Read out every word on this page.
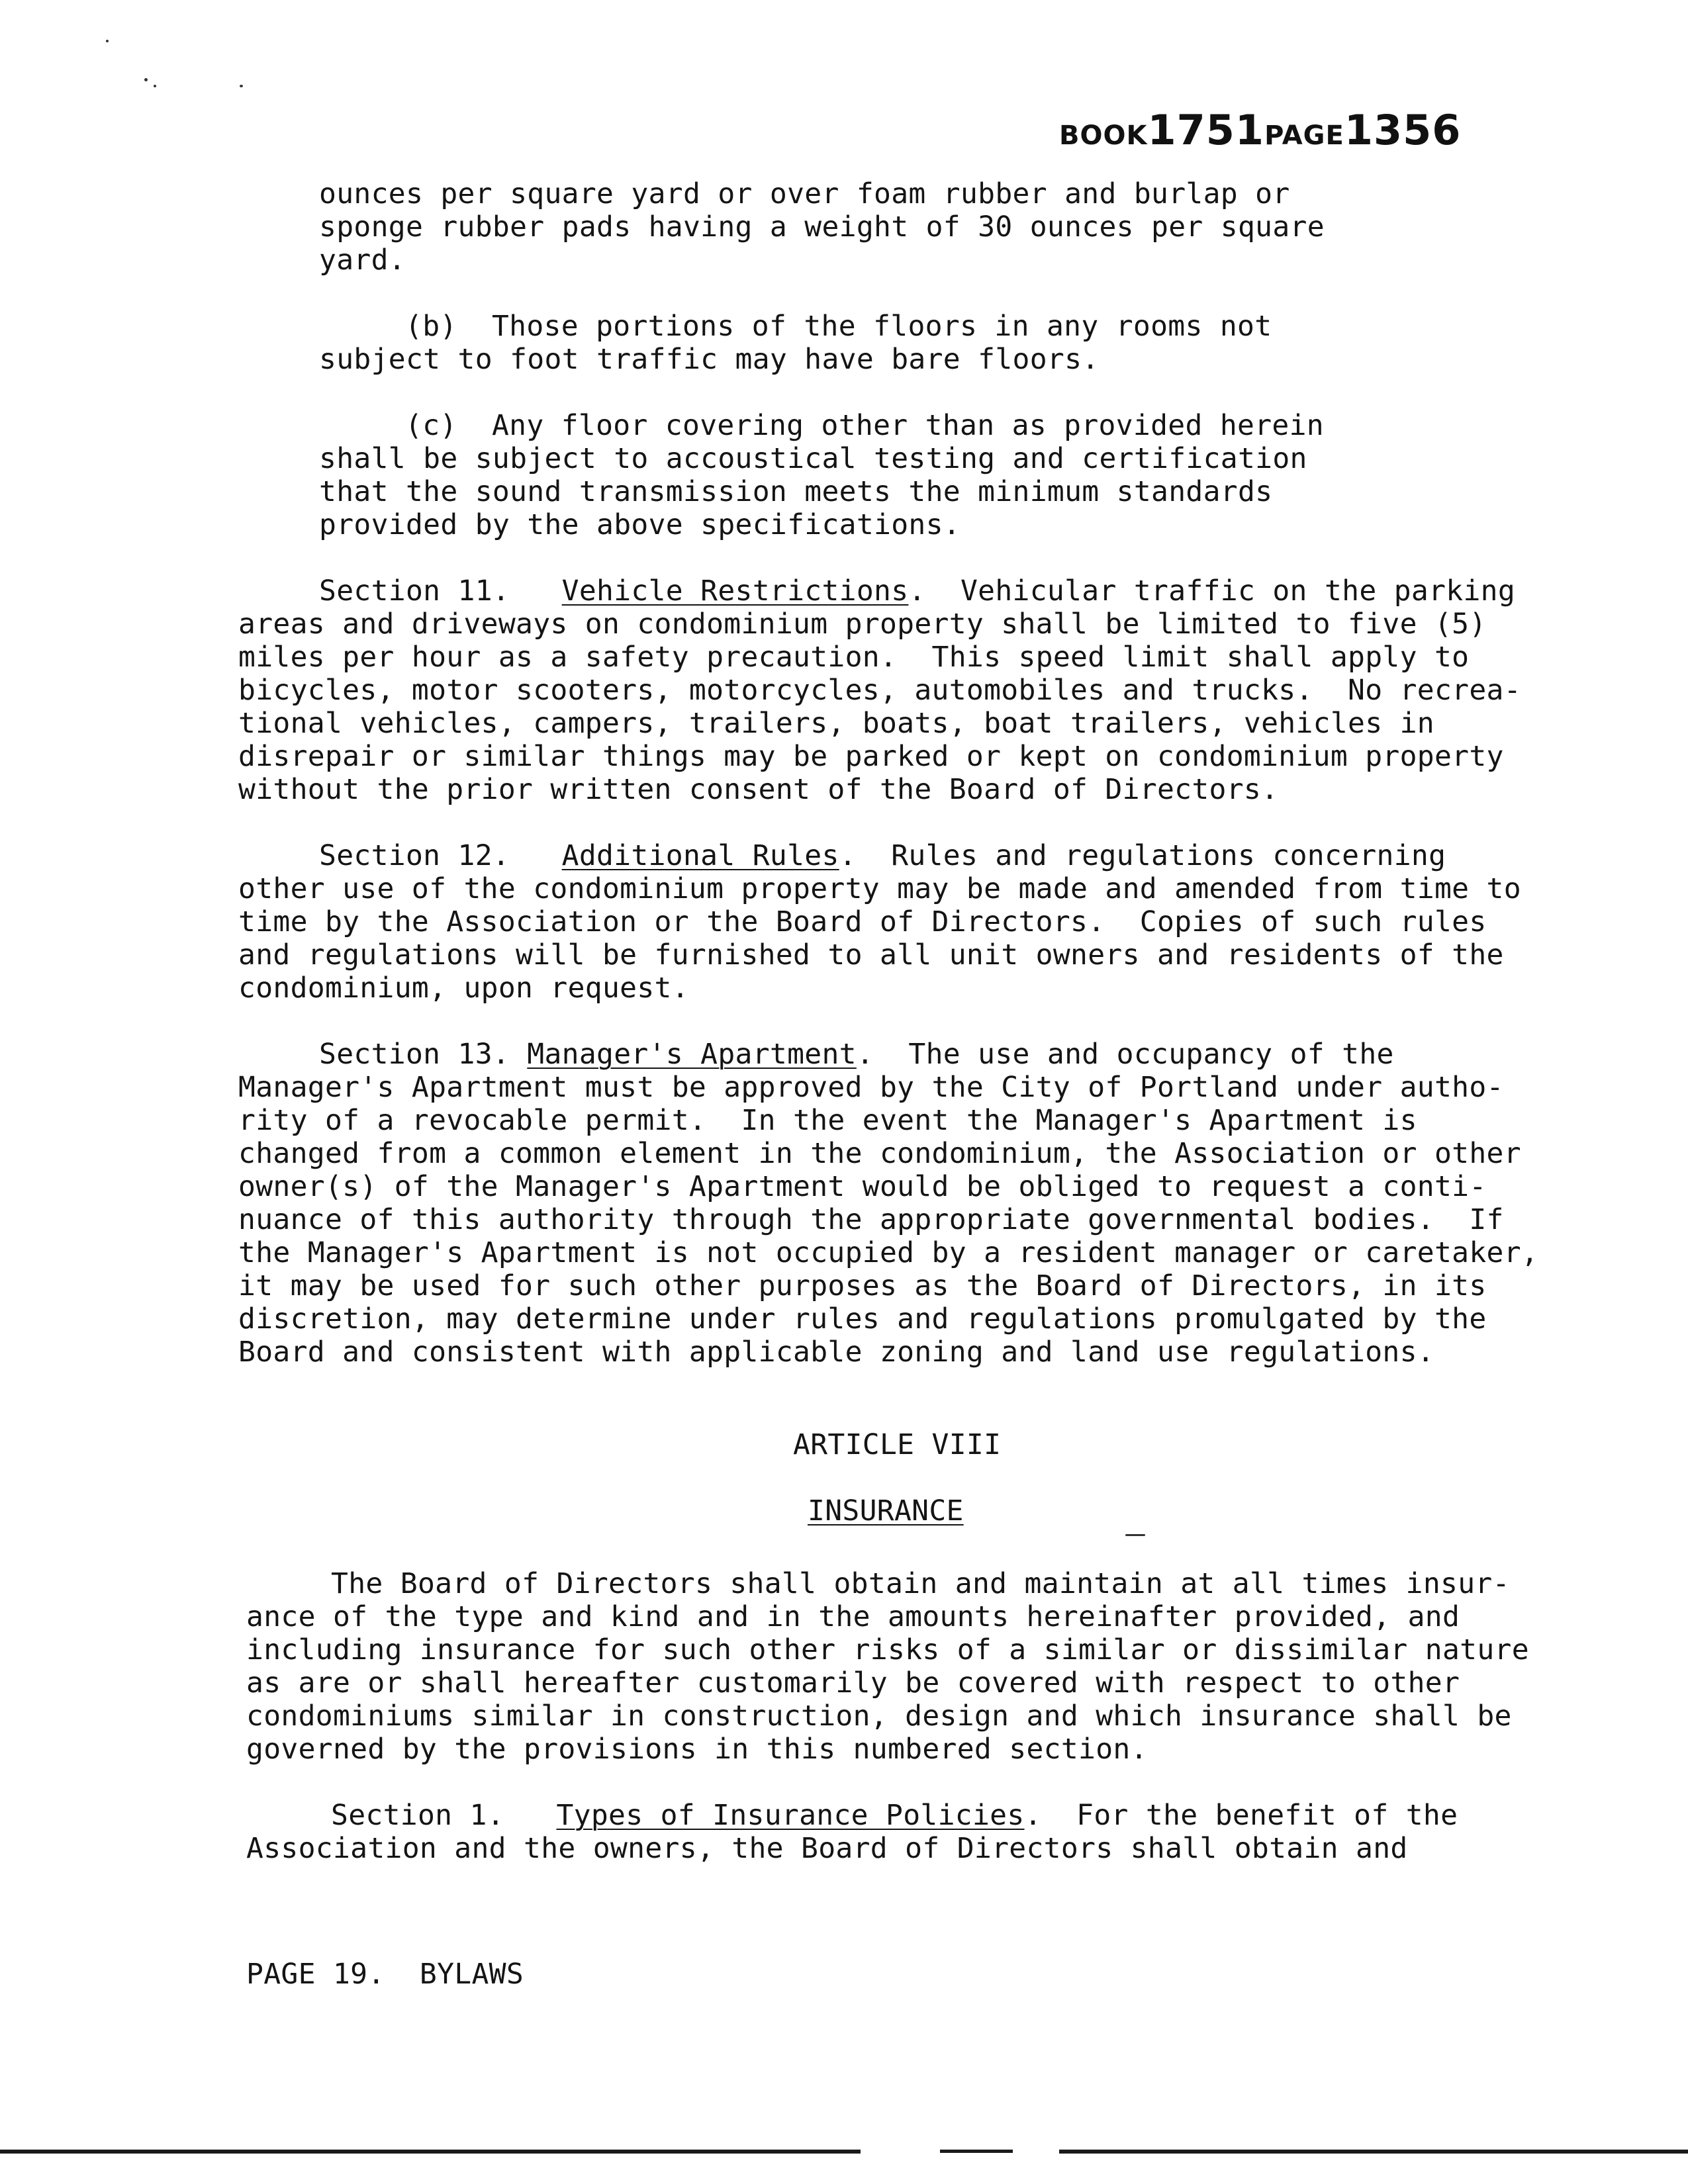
BOOK1751PAGE1356
ounces per square yard or over foam rubber and burlap or
sponge rubber pads having a weight of 30 ounces per square
yard.
(b)  Those portions of the floors in any rooms not
subject to foot traffic may have bare floors.
(c)  Any floor covering other than as provided herein
shall be subject to accoustical testing and certification
that the sound transmission meets the minimum standards
provided by the above specifications.
Section 11. Vehicle Restrictions.  Vehicular traffic on the parking
areas and driveways on condominium property shall be limited to five (5)
miles per hour as a safety precaution.  This speed limit shall apply to
bicycles, motor scooters, motorcycles, automobiles and trucks.  No recrea-
tional vehicles, campers, trailers, boats, boat trailers, vehicles in
disrepair or similar things may be parked or kept on condominium property
without the prior written consent of the Board of Directors.
Section 12. Additional Rules.  Rules and regulations concerning
other use of the condominium property may be made and amended from time to
time by the Association or the Board of Directors.  Copies of such rules
and regulations will be furnished to all unit owners and residents of the
condominium, upon request.
Section 13. Manager's Apartment.  The use and occupancy of the
Manager's Apartment must be approved by the City of Portland under autho-
rity of a revocable permit.  In the event the Manager's Apartment is
changed from a common element in the condominium, the Association or other
owner(s) of the Manager's Apartment would be obliged to request a conti-
nuance of this authority through the appropriate governmental bodies.  If
the Manager's Apartment is not occupied by a resident manager or caretaker,
it may be used for such other purposes as the Board of Directors, in its
discretion, may determine under rules and regulations promulgated by the
Board and consistent with applicable zoning and land use regulations.
ARTICLE VIII
INSURANCE
The Board of Directors shall obtain and maintain at all times insur-
ance of the type and kind and in the amounts hereinafter provided, and
including insurance for such other risks of a similar or dissimilar nature
as are or shall hereafter customarily be covered with respect to other
condominiums similar in construction, design and which insurance shall be
governed by the provisions in this numbered section.
Section 1. Types of Insurance Policies.  For the benefit of the
Association and the owners, the Board of Directors shall obtain and
PAGE 19.  BYLAWS
